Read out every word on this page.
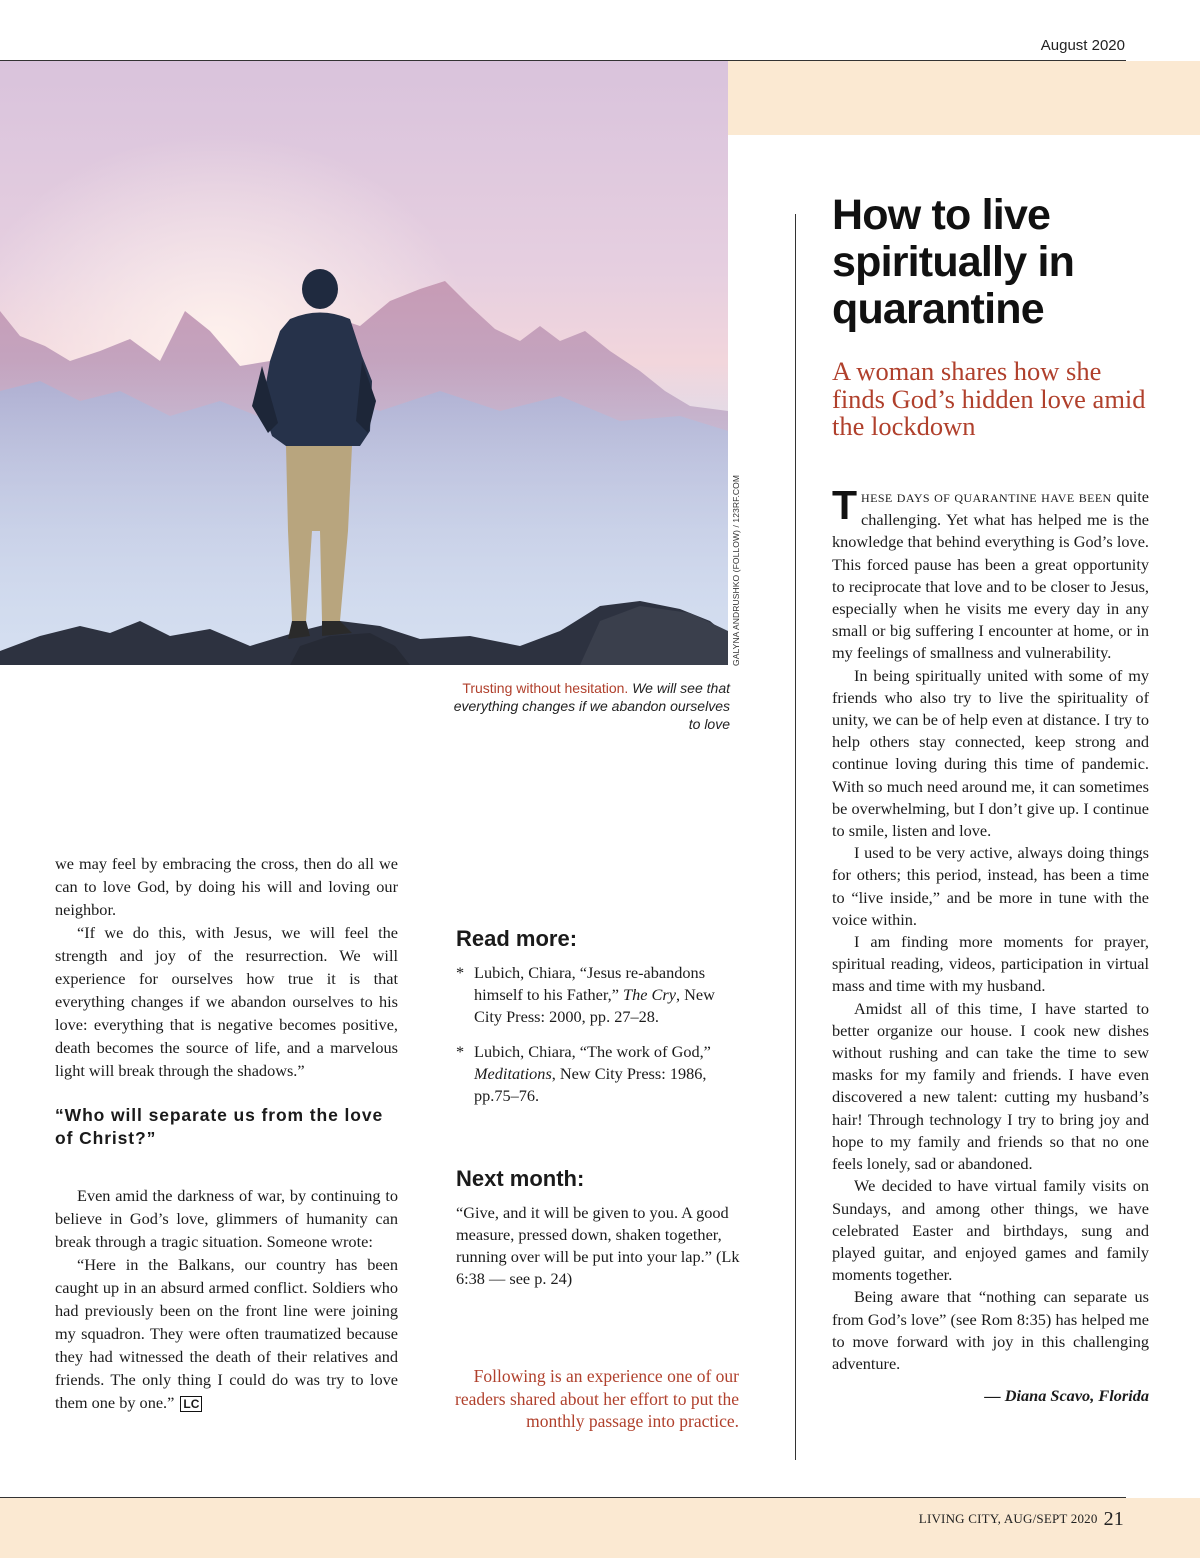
August 2020
GALYNA ANDRUSHKO (FOLLOW) / 123RF.COM
Trusting without hesitation. We will see that everything changes if we abandon ourselves to love

we may feel by embracing the cross, then do all we can to love God, by doing his will and loving our neighbor.

“If we do this, with Jesus, we will feel the strength and joy of the resurrection. We will experience for ourselves how true it is that everything changes if we abandon ourselves to his love: everything that is negative becomes positive, death becomes the source of life, and a marvelous light will break through the shadows.”

“Who will separate us from the love of Christ?”

Even amid the darkness of war, by continuing to believe in God’s love, glimmers of humanity can break through a tragic situation. Someone wrote:

“Here in the Balkans, our country has been caught up in an absurd armed conflict. Soldiers who had previously been on the front line were joining my squadron. They were often traumatized because they had witnessed the death of their relatives and friends. The only thing I could do was try to love them one by one.” LC

Read more:
* Lubich, Chiara, “Jesus re-abandons himself to his Father,” The Cry, New City Press: 2000, pp. 27–28.
* Lubich, Chiara, “The work of God,” Meditations, New City Press: 1986, pp.75–76.
Next month:

“Give, and it will be given to you. A good measure, pressed down, shaken together, running over will be put into your lap.” (Lk 6:38 — see p. 24)

Following is an experience one of our readers shared about her effort to put the monthly passage into practice.
How to live spiritually in quarantine

A woman shares how she finds God’s hidden love amid the lockdown

THESE DAYS OF QUARANTINE HAVE BEEN quite challenging. Yet what has helped me is the knowledge that behind everything is God’s love. This forced pause has been a great opportunity to reciprocate that love and to be closer to Jesus, especially when he visits me every day in any small or big suffering I encounter at home, or in my feelings of smallness and vulnerability.

In being spiritually united with some of my friends who also try to live the spirituality of unity, we can be of help even at distance. I try to help others stay connected, keep strong and continue loving during this time of pandemic. With so much need around me, it can sometimes be overwhelming, but I don’t give up. I continue to smile, listen and love.

I used to be very active, always doing things for others; this period, instead, has been a time to “live inside,” and be more in tune with the voice within.

I am finding more moments for prayer, spiritual reading, videos, participation in virtual mass and time with my husband.

Amidst all of this time, I have started to better organize our house. I cook new dishes without rushing and can take the time to sew masks for my family and friends. I have even discovered a new talent: cutting my husband’s hair! Through technology I try to bring joy and hope to my family and friends so that no one feels lonely, sad or abandoned.

We decided to have virtual family visits on Sundays, and among other things, we have celebrated Easter and birthdays, sung and played guitar, and enjoyed games and family moments together.

Being aware that “nothing can separate us from God’s love” (see Rom 8:35) has helped me to move forward with joy in this challenging adventure.

— Diana Scavo, Florida

LIVING CITY, AUG/SEPT 2020 21
